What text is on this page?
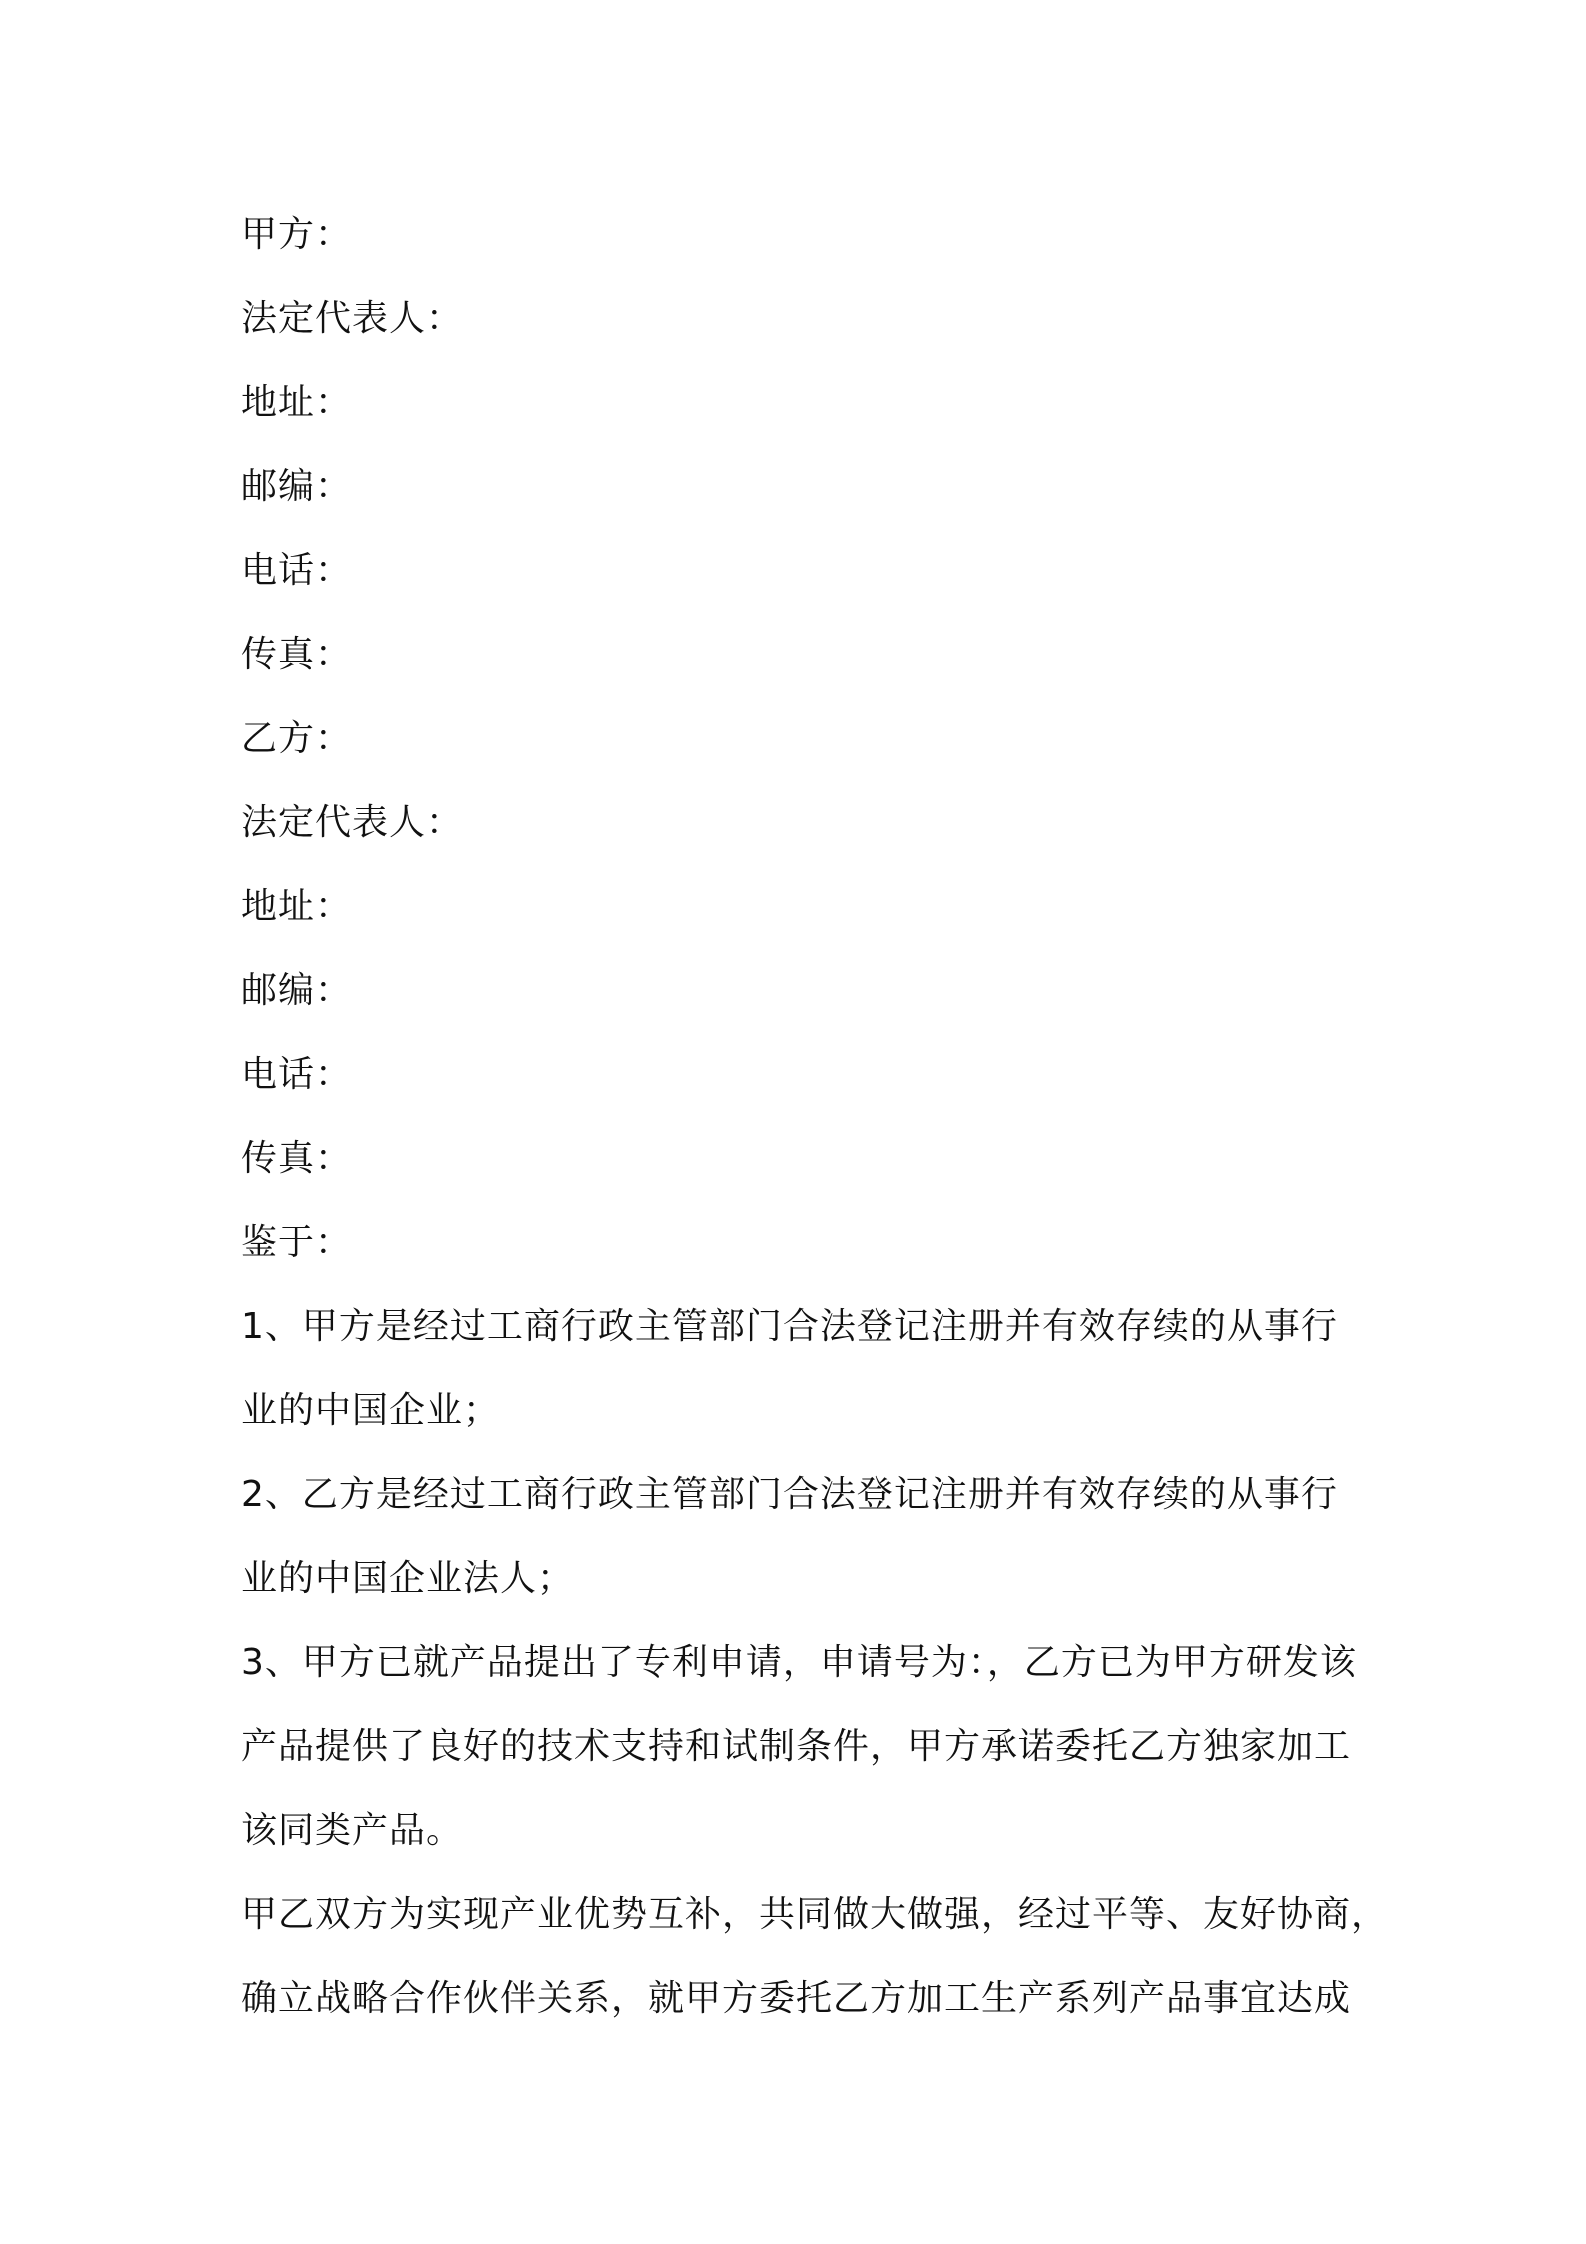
甲方：
法定代表人：
地址：
邮编：
电话：
传真：
乙方：
法定代表人：
地址：
邮编：
电话：
传真：
鉴于：
1、甲方是经过工商行政主管部门合法登记注册并有效存续的从事行
业的中国企业；
2、乙方是经过工商行政主管部门合法登记注册并有效存续的从事行
业的中国企业法人；
3、甲方已就产品提出了专利申请，申请号为：，乙方已为甲方研发该
产品提供了良好的技术支持和试制条件，甲方承诺委托乙方独家加工
该同类产品。
甲乙双方为实现产业优势互补，共同做大做强，经过平等、友好协商，
确立战略合作伙伴关系，就甲方委托乙方加工生产系列产品事宜达成
